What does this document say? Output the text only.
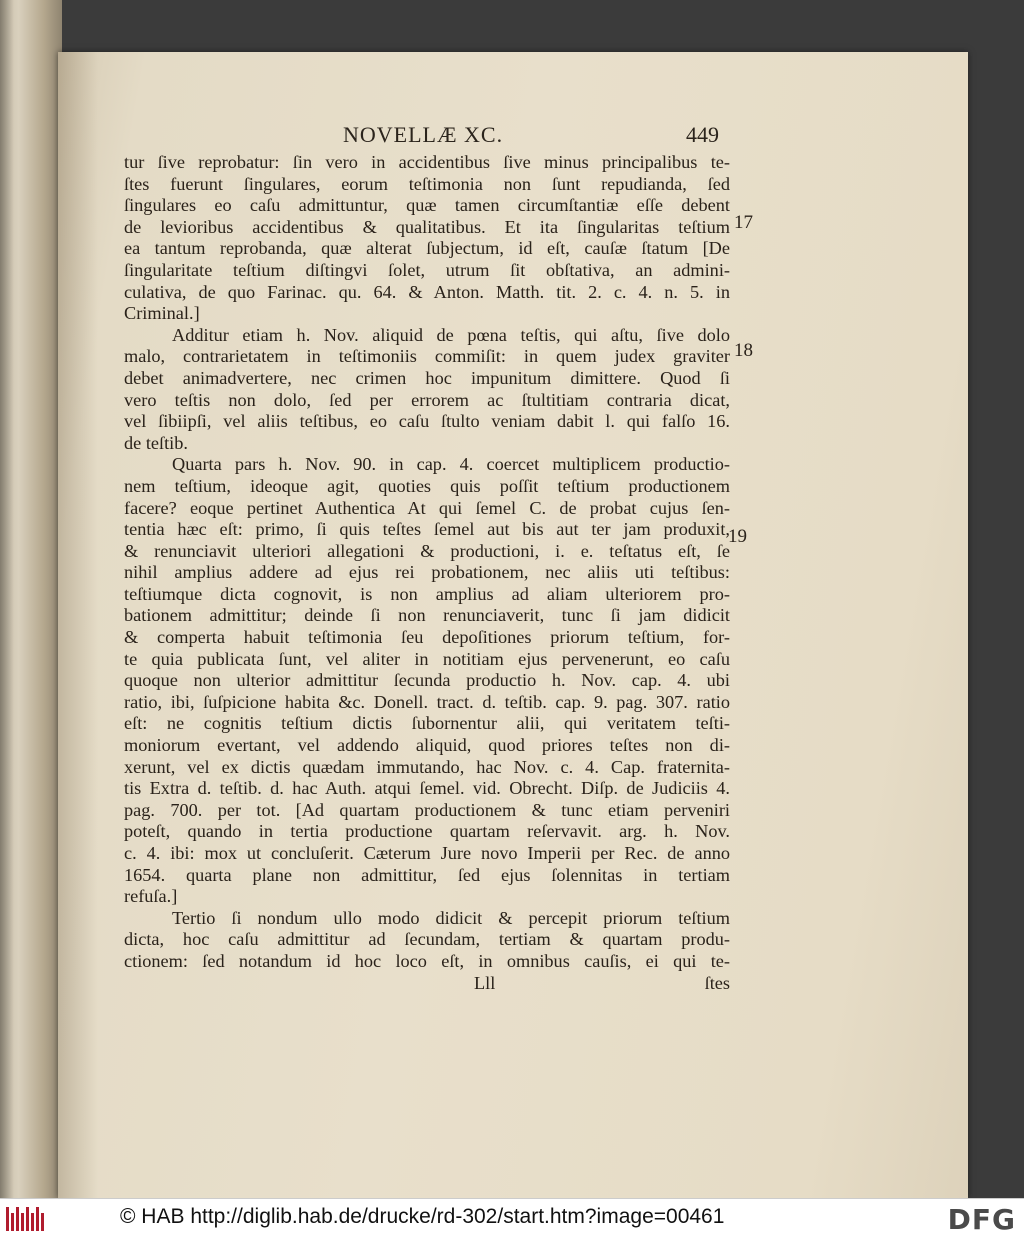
NOVELLÆ XC.	449
tur ſive reprobatur: ſin vero in accidentibus ſive minus principalibus te-
ſtes fuerunt ſingulares, eorum teſtimonia non ſunt repudianda, ſed
ſingulares eo caſu admittuntur, quæ tamen circumſtantiæ eſſe debent
de levioribus accidentibus & qualitatibus. Et ita ſingularitas teſtium
ea tantum reprobanda, quæ alterat ſubjectum, id eſt, cauſæ ſtatum [De
ſingularitate teſtium diſtingvi ſolet, utrum ſit obſtativa, an admini-
culativa, de quo Farinac. qu. 64. & Anton. Matth. tit. 2. c. 4. n. 5. in
Criminal.]
Additur etiam h. Nov. aliquid de pœna teſtis, qui aſtu, ſive dolo
malo, contrarietatem in teſtimoniis commiſit: in quem judex graviter
debet animadvertere, nec crimen hoc impunitum dimittere. Quod ſi
vero teſtis non dolo, ſed per errorem ac ſtultitiam contraria dicat,
vel ſibiipſi, vel aliis teſtibus, eo caſu ſtulto veniam dabit l. qui falſo 16.
de teſtib.
Quarta pars h. Nov. 90. in cap. 4. coercet multiplicem productio-
nem teſtium, ideoque agit, quoties quis poſſit teſtium productionem
facere? eoque pertinet Authentica At qui ſemel C. de probat cujus ſen-
tentia hæc eſt: primo, ſi quis teſtes ſemel aut bis aut ter jam produxit,
& renunciavit ulteriori allegationi & productioni, i. e. teſtatus eſt, ſe
nihil amplius addere ad ejus rei probationem, nec aliis uti teſtibus:
teſtiumque dicta cognovit, is non amplius ad aliam ulteriorem pro-
bationem admittitur; deinde ſi non renunciaverit, tunc ſi jam didicit
& comperta habuit teſtimonia ſeu depoſitiones priorum teſtium, for-
te quia publicata ſunt, vel aliter in notitiam ejus pervenerunt, eo caſu
quoque non ulterior admittitur ſecunda productio h. Nov. cap. 4. ubi
ratio, ibi, ſuſpicione habita &c. Donell. tract. d. teſtib. cap. 9. pag. 307. ratio
eſt: ne cognitis teſtium dictis ſubornentur alii, qui veritatem teſti-
moniorum evertant, vel addendo aliquid, quod priores teſtes non di-
xerunt, vel ex dictis quædam immutando, hac Nov. c. 4. Cap. fraternita-
tis Extra d. teſtib. d. hac Auth. atqui ſemel. vid. Obrecht. Diſp. de Judiciis 4.
pag. 700. per tot. [Ad quartam productionem & tunc etiam perveniri
poteſt, quando in tertia productione quartam reſervavit. arg. h. Nov.
c. 4. ibi: mox ut concluſerit. Cæterum Jure novo Imperii per Rec. de anno
1654. quarta plane non admittitur, ſed ejus ſolennitas in tertiam
refuſa.]
Tertio ſi nondum ullo modo didicit & percepit priorum teſtium
dicta, hoc caſu admittitur ad ſecundam, tertiam & quartam produ-
ctionem: ſed notandum id hoc loco eſt, in omnibus cauſis, ei qui te-
Lll	ſtes
17
18
19
© HAB http://diglib.hab.de/drucke/rd-302/start.htm?image=00461	DFG
